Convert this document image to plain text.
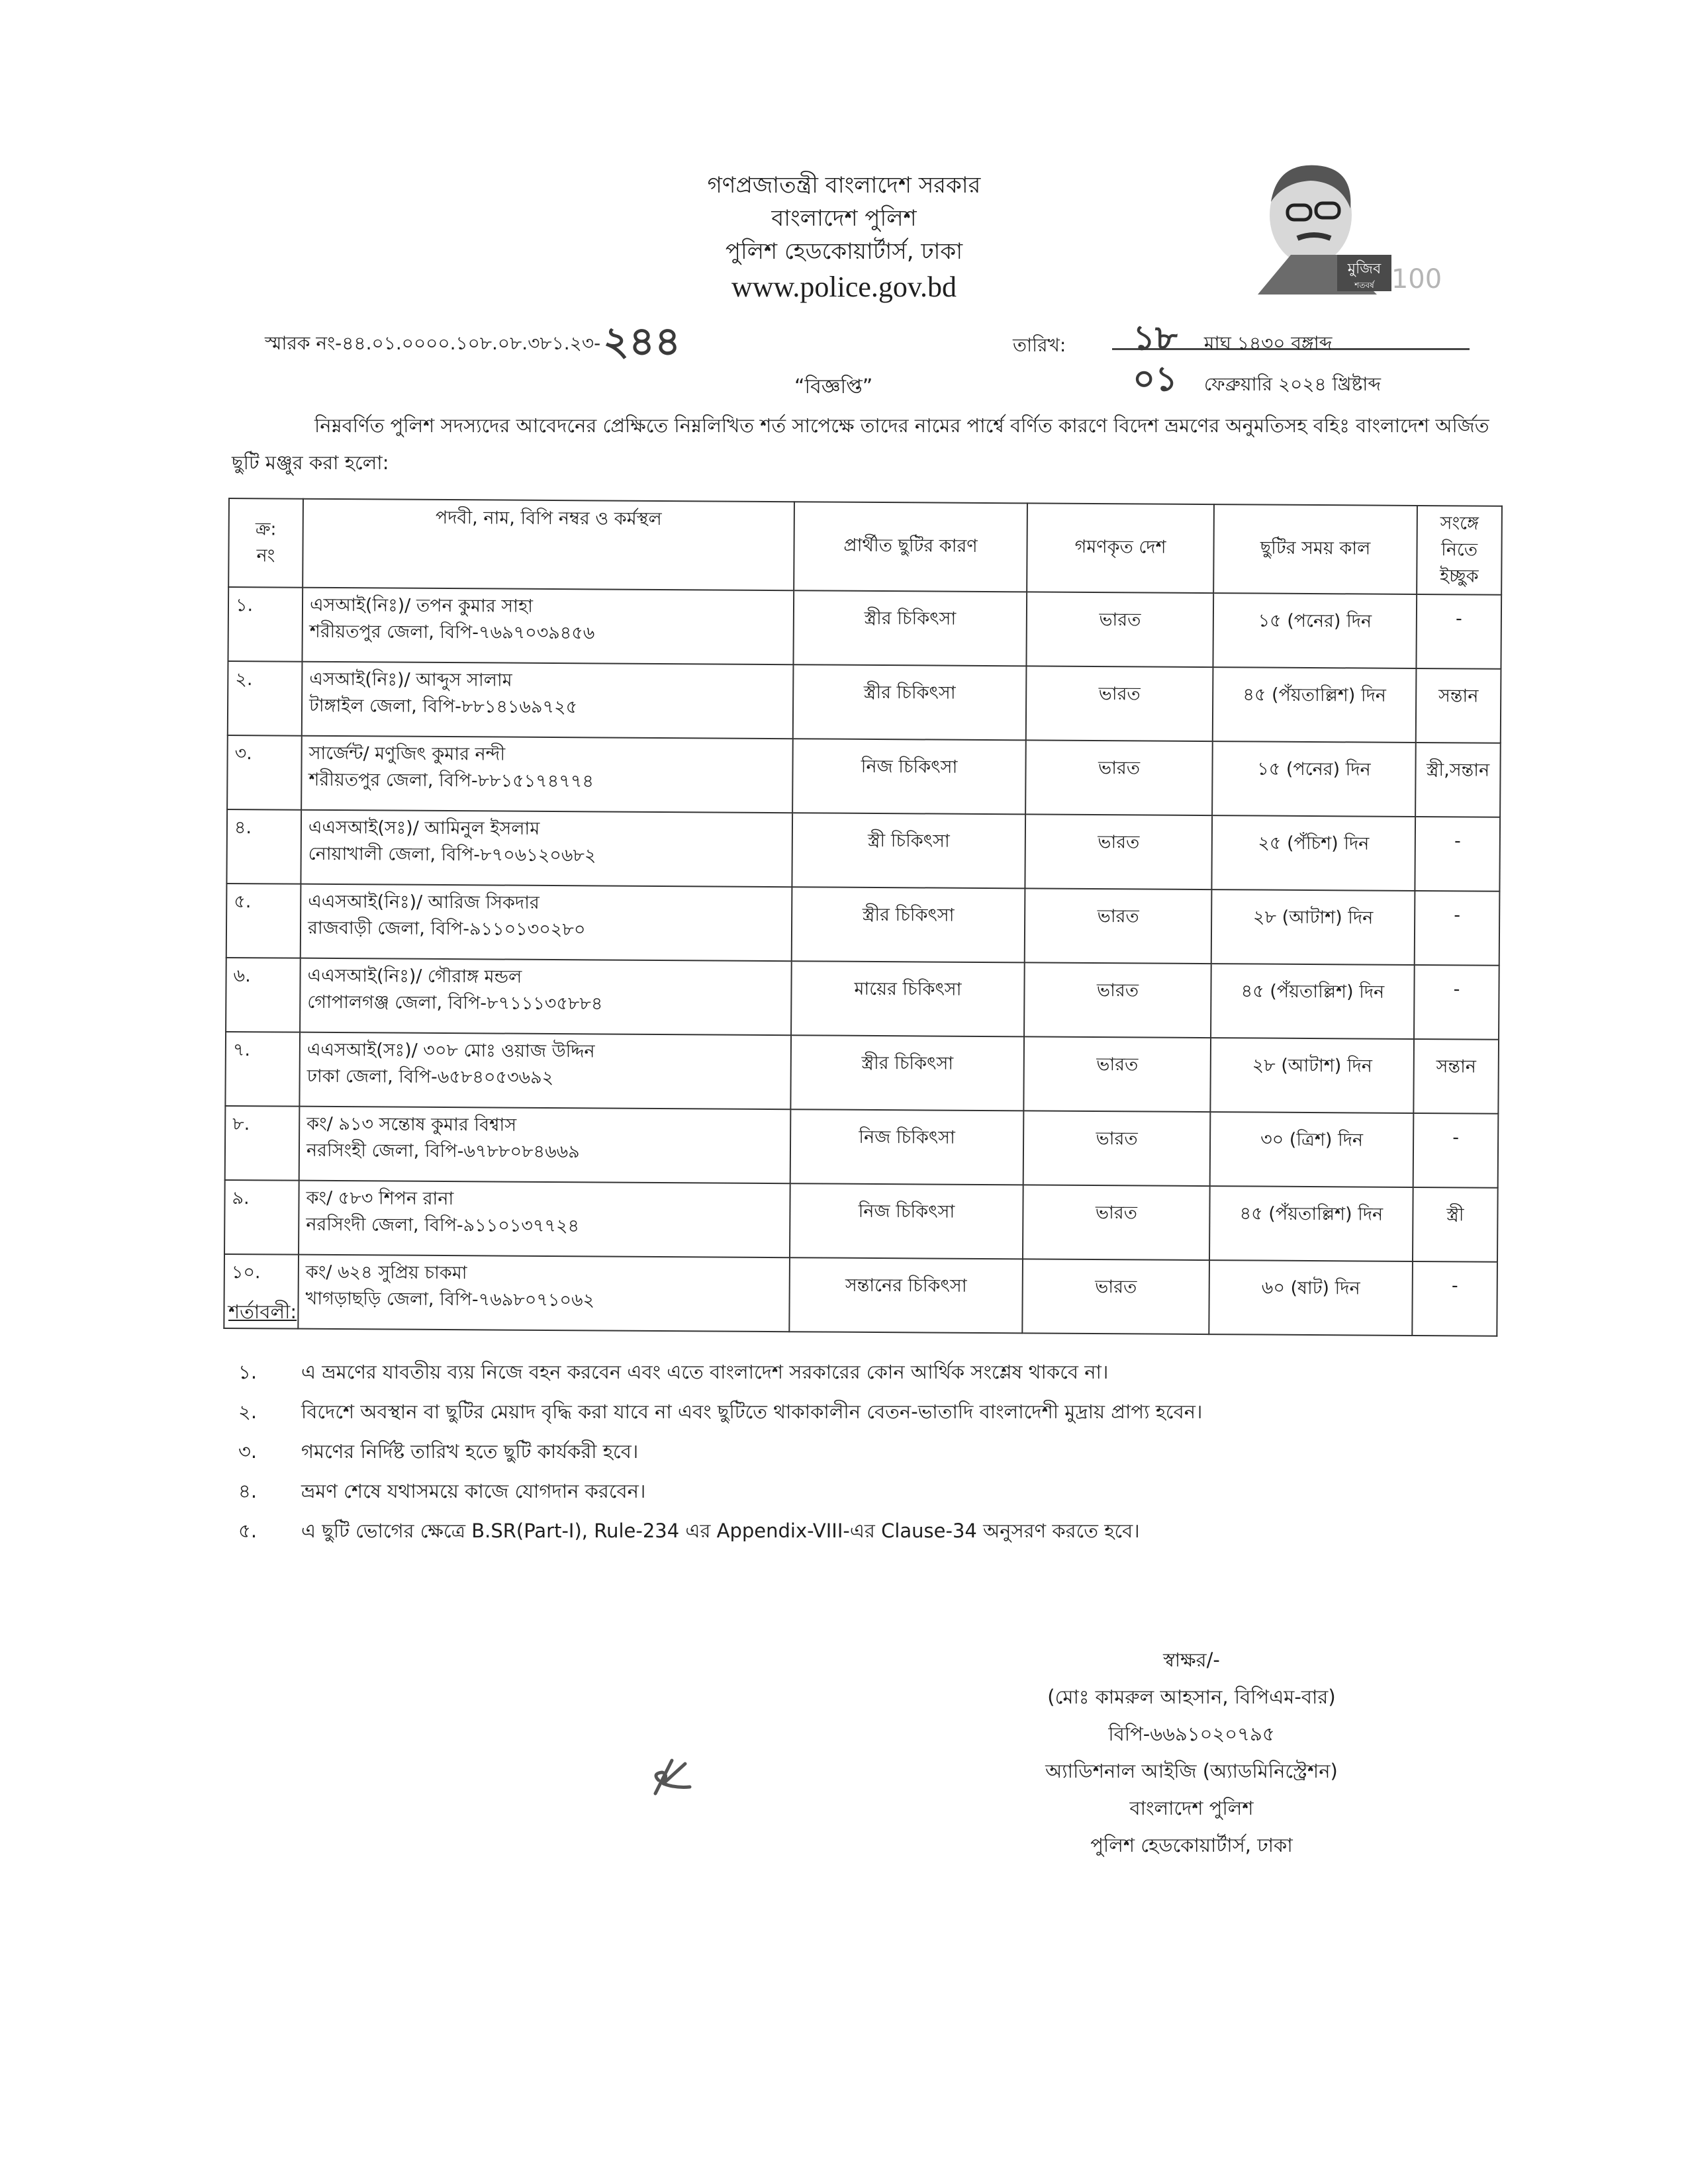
গণপ্রজাতন্ত্রী বাংলাদেশ সরকার
বাংলাদেশ পুলিশ
পুলিশ হেডকোয়ার্টার্স, ঢাকা
www.police.gov.bd
মুজিব
শতবর্ষ 100
স্মারক নং-৪৪.০১.০০০০.১০৮.০৮.৩৮১.২৩-২৪৪	তারিখ:	১৮ মাঘ ১৪৩০ বঙ্গাব্দ
০১ ফেব্রুয়ারি ২০২৪ খ্রিষ্টাব্দ
“বিজ্ঞপ্তি”
নিম্নবর্ণিত পুলিশ সদস্যদের আবেদনের প্রেক্ষিতে নিম্নলিখিত শর্ত সাপেক্ষে তাদের নামের পার্শ্বে বর্ণিত কারণে বিদেশ ভ্রমণের অনুমতিসহ বহিঃ বাংলাদেশ অর্জিত ছুটি মঞ্জুর করা হলো:
ক্র:
নং	পদবী, নাম, বিপি নম্বর ও কর্মস্থল	প্রার্থীত ছুটির কারণ	গমণকৃত দেশ	ছুটির সময় কাল	সংঙ্গে নিতে
ইচ্ছুক

১.	এসআই(নিঃ)/ তপন কুমার সাহা
শরীয়তপুর জেলা, বিপি-৭৬৯৭০৩৯৪৫৬	স্ত্রীর চিকিৎসা	ভারত	১৫ (পনের) দিন	-
২.	এসআই(নিঃ)/ আব্দুস সালাম
টাঙ্গাইল জেলা, বিপি-৮৮১৪১৬৯৭২৫	স্ত্রীর চিকিৎসা	ভারত	৪৫ (পঁয়তাল্লিশ) দিন	সন্তান
৩.	সার্জেন্ট/ মণুজিৎ কুমার নন্দী
শরীয়তপুর জেলা, বিপি-৮৮১৫১৭৪৭৭৪	নিজ চিকিৎসা	ভারত	১৫ (পনের) দিন	স্ত্রী,সন্তান
৪.	এএসআই(সঃ)/ আমিনুল ইসলাম
নোয়াখালী জেলা, বিপি-৮৭০৬১২০৬৮২	স্ত্রী চিকিৎসা	ভারত	২৫ (পঁচিশ) দিন	-
৫.	এএসআই(নিঃ)/ আরিজ সিকদার
রাজবাড়ী জেলা, বিপি-৯১১০১৩০২৮০	স্ত্রীর চিকিৎসা	ভারত	২৮ (আটাশ) দিন	-
৬.	এএসআই(নিঃ)/ গৌরাঙ্গ মন্ডল
গোপালগঞ্জ জেলা, বিপি-৮৭১১১৩৫৮৮৪	মায়ের চিকিৎসা	ভারত	৪৫ (পঁয়তাল্লিশ) দিন	-
৭.	এএসআই(সঃ)/ ৩০৮ মোঃ ওয়াজ উদ্দিন
ঢাকা জেলা, বিপি-৬৫৮৪০৫৩৬৯২	স্ত্রীর চিকিৎসা	ভারত	২৮ (আটাশ) দিন	সন্তান
৮.	কং/ ৯১৩ সন্তোষ কুমার বিশ্বাস
নরসিংহী জেলা, বিপি-৬৭৮৮০৮৪৬৬৯	নিজ চিকিৎসা	ভারত	৩০ (ত্রিশ) দিন	-
৯.	কং/ ৫৮৩ শিপন রানা
নরসিংদী জেলা, বিপি-৯১১০১৩৭৭২৪	নিজ চিকিৎসা	ভারত	৪৫ (পঁয়তাল্লিশ) দিন	স্ত্রী
১০.	কং/ ৬২৪ সুপ্রিয় চাকমা
খাগড়াছড়ি জেলা, বিপি-৭৬৯৮০৭১০৬২	সন্তানের চিকিৎসা	ভারত	৬০ (ষাট) দিন	-
শর্তাবলী:
১.	এ ভ্রমণের যাবতীয় ব্যয় নিজে বহন করবেন এবং এতে বাংলাদেশ সরকারের কোন আর্থিক সংশ্লেষ থাকবে না।
২.	বিদেশে অবস্থান বা ছুটির মেয়াদ বৃদ্ধি করা যাবে না এবং ছুটিতে থাকাকালীন বেতন-ভাতাদি বাংলাদেশী মুদ্রায় প্রাপ্য হবেন।
৩.	গমণের নির্দিষ্ট তারিখ হতে ছুটি কার্যকরী হবে।
৪.	ভ্রমণ শেষে যথাসময়ে কাজে যোগদান করবেন।
৫.	এ ছুটি ভোগের ক্ষেত্রে B.SR(Part-I), Rule-234 এর Appendix-VIII-এর Clause-34 অনুসরণ করতে হবে।
স্বাক্ষর/-
(মোঃ কামরুল আহসান, বিপিএম-বার)
বিপি-৬৬৯১০২০৭৯৫
অ্যাডিশনাল আইজি (অ্যাডমিনিস্ট্রেশন)
বাংলাদেশ পুলিশ
পুলিশ হেডকোয়ার্টার্স, ঢাকা
